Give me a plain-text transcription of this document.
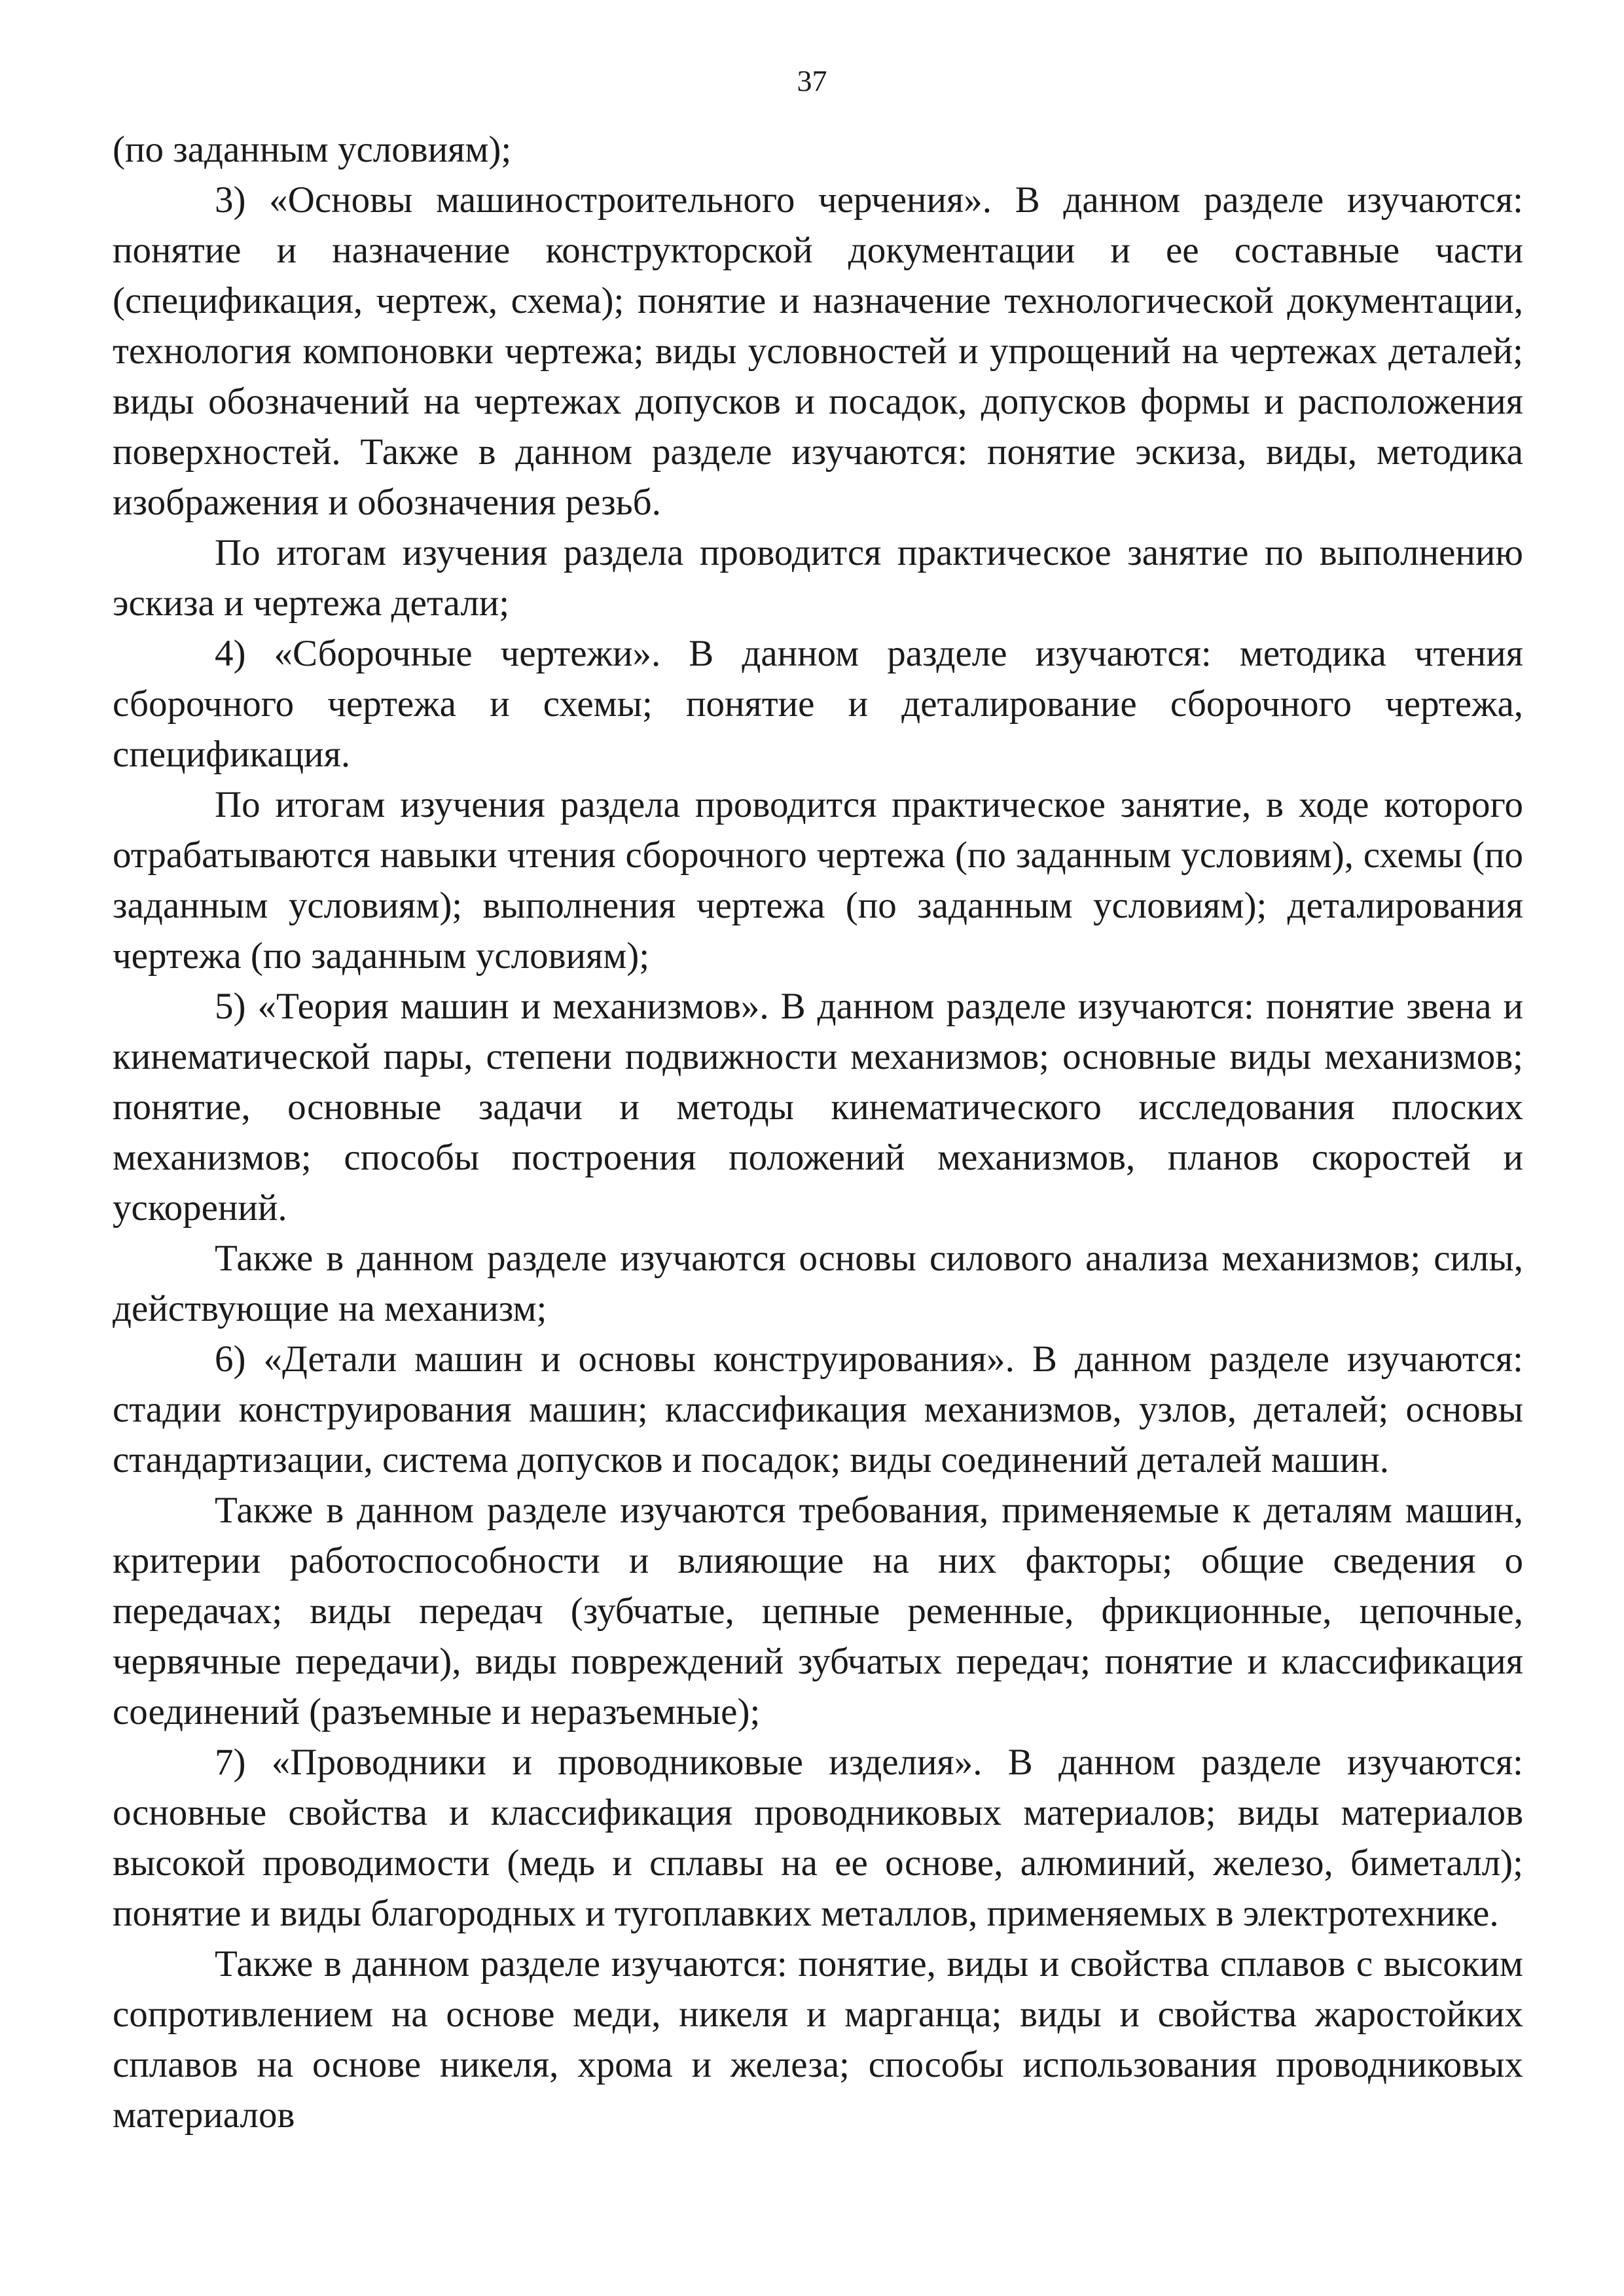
37

(по заданным условиям);

3) «Основы машиностроительного черчения». В данном разделе изучаются: понятие и назначение конструкторской документации и ее составные части (спецификация, чертеж, схема); понятие и назначение технологической документации, технология компоновки чертежа; виды условностей и упрощений на чертежах деталей; виды обозначений на чертежах допусков и посадок, допусков формы и расположения поверхностей. Также в данном разделе изучаются: понятие эскиза, виды, методика изображения и обозначения резьб.

По итогам изучения раздела проводится практическое занятие по выполнению эскиза и чертежа детали;

4) «Сборочные чертежи». В данном разделе изучаются: методика чтения сборочного чертежа и схемы; понятие и деталирование сборочного чертежа, спецификация.

По итогам изучения раздела проводится практическое занятие, в ходе которого отрабатываются навыки чтения сборочного чертежа (по заданным условиям), схемы (по заданным условиям); выполнения чертежа (по заданным условиям); деталирования чертежа (по заданным условиям);

5) «Теория машин и механизмов». В данном разделе изучаются: понятие звена и кинематической пары, степени подвижности механизмов; основные виды механизмов; понятие, основные задачи и методы кинематического исследования плоских механизмов; способы построения положений механизмов, планов скоростей и ускорений.

Также в данном разделе изучаются основы силового анализа механизмов; силы, действующие на механизм;

6) «Детали машин и основы конструирования». В данном разделе изучаются: стадии конструирования машин; классификация механизмов, узлов, деталей; основы стандартизации, система допусков и посадок; виды соединений деталей машин.

Также в данном разделе изучаются требования, применяемые к деталям машин, критерии работоспособности и влияющие на них факторы; общие сведения о передачах; виды передач (зубчатые, цепные ременные, фрикционные, цепочные, червячные передачи), виды повреждений зубчатых передач; понятие и классификация соединений (разъемные и неразъемные);

7) «Проводники и проводниковые изделия». В данном разделе изучаются: основные свойства и классификация проводниковых материалов; виды материалов высокой проводимости (медь и сплавы на ее основе, алюминий, железо, биметалл); понятие и виды благородных и тугоплавких металлов, применяемых в электротехнике.

Также в данном разделе изучаются: понятие, виды и свойства сплавов с высоким сопротивлением на основе меди, никеля и марганца; виды и свойства жаростойких сплавов на основе никеля, хрома и железа; способы использования проводниковых материалов
